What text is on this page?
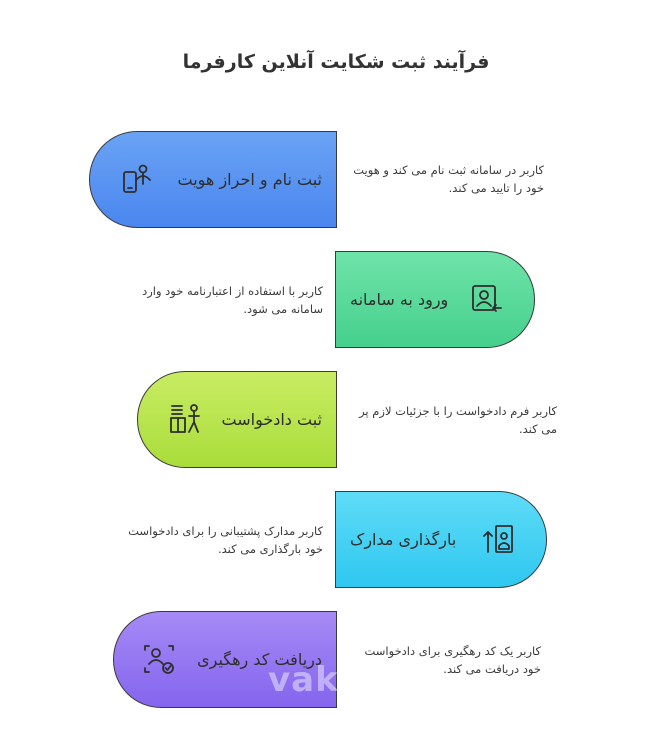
فرآیند ثبت شکایت آنلاین کارفرما
ثبت نام و احراز هویت	کاربر در سامانه ثبت نام می کند و هویت
خود را تایید می کند.
ورود به سامانه
کاربر با استفاده از اعتبارنامه خود وارد
سامانه می شود.
ثبت دادخواست	کاربر فرم دادخواست را با جزئیات لازم پر
می کند.
بارگذاری مدارک
کاربر مدارک پشتیبانی را برای دادخواست
خود بارگذاری می کند.
دریافت کد رهگیری	کاربر یک کد رهگیری برای دادخواست
خود دریافت می کند.
vak
